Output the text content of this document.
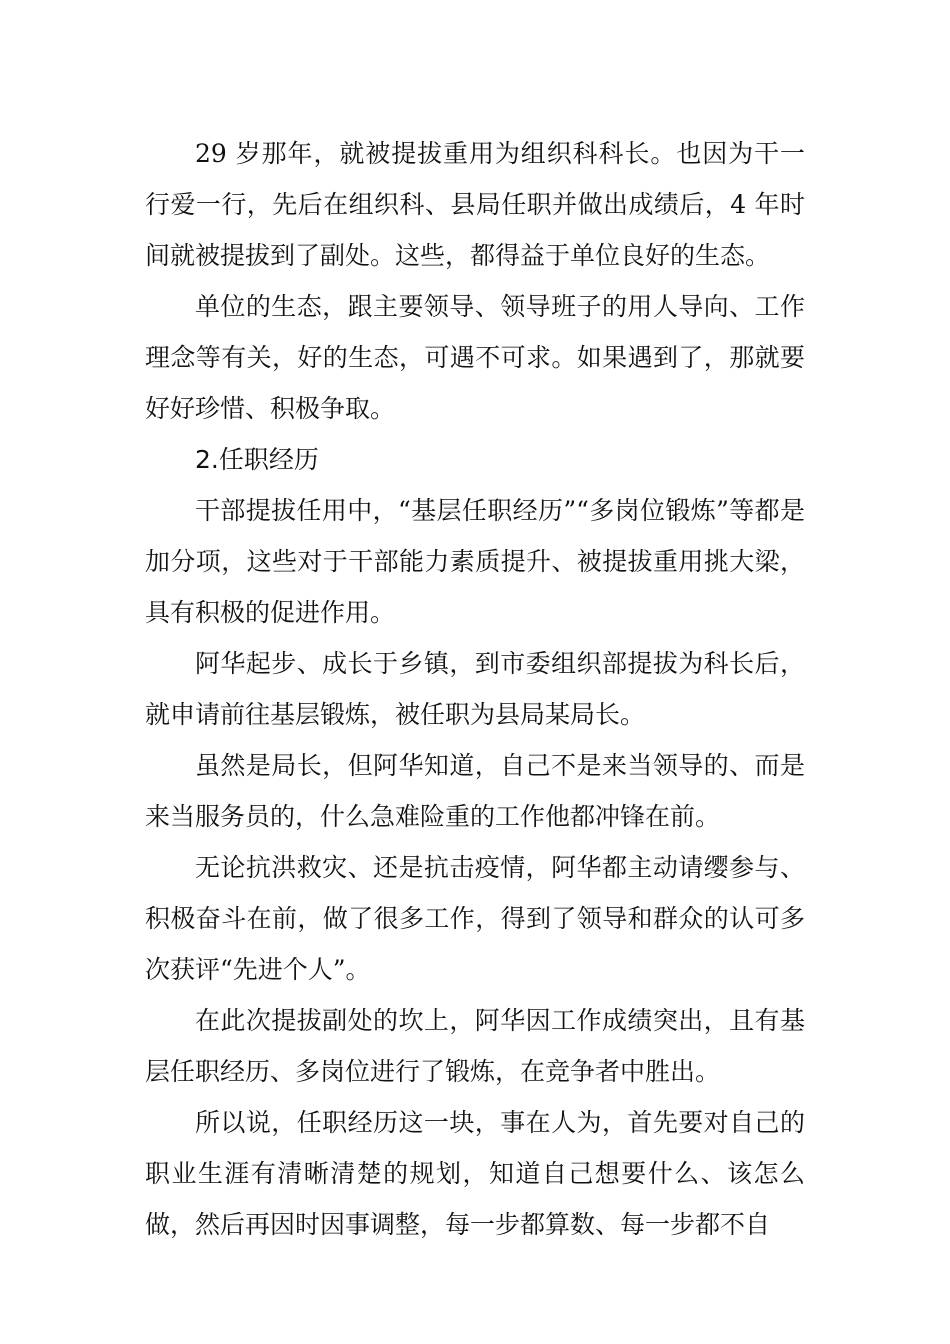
29 岁那年，就被提拔重用为组织科科长。也因为干一行爱一行，先后在组织科、县局任职并做出成绩后，4 年时间就被提拔到了副处。这些，都得益于单位良好的生态。

单位的生态，跟主要领导、领导班子的用人导向、工作理念等有关，好的生态，可遇不可求。如果遇到了，那就要好好珍惜、积极争取。

2.任职经历

干部提拔任用中，“基层任职经历”“多岗位锻炼”等都是加分项，这些对于干部能力素质提升、被提拔重用挑大梁，具有积极的促进作用。

阿华起步、成长于乡镇，到市委组织部提拔为科长后，就申请前往基层锻炼，被任职为县局某局长。

虽然是局长，但阿华知道，自己不是来当领导的、而是来当服务员的，什么急难险重的工作他都冲锋在前。

无论抗洪救灾、还是抗击疫情，阿华都主动请缨参与、积极奋斗在前，做了很多工作，得到了领导和群众的认可多次获评“先进个人”。

在此次提拔副处的坎上，阿华因工作成绩突出，且有基层任职经历、多岗位进行了锻炼，在竞争者中胜出。

所以说，任职经历这一块，事在人为，首先要对自己的职业生涯有清晰清楚的规划，知道自己想要什么、该怎么做，然后再因时因事调整，每一步都算数、每一步都不自
